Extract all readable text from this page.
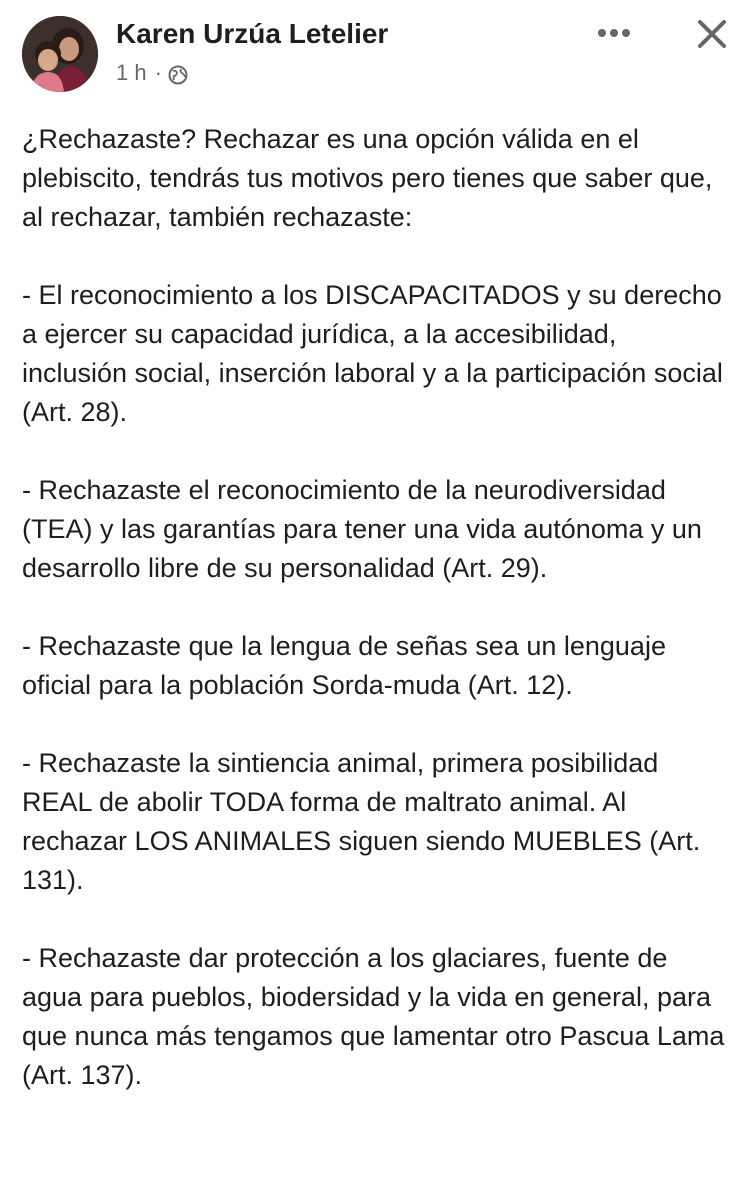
Karen Urzúa Letelier
1 h ·

¿Rechazaste? Rechazar es una opción válida en el plebiscito, tendrás tus motivos pero tienes que saber que, al rechazar, también rechazaste:

- El reconocimiento a los DISCAPACITADOS y su derecho a ejercer su capacidad jurídica, a la accesibilidad, inclusión social, inserción laboral y a la participación social (Art. 28).

- Rechazaste el reconocimiento de la neurodiversidad (TEA) y las garantías para tener una vida autónoma y un desarrollo libre de su personalidad (Art. 29).

- Rechazaste que la lengua de señas sea un lenguaje oficial para la población Sorda-muda (Art. 12).

- Rechazaste la sintiencia animal, primera posibilidad REAL de abolir TODA forma de maltrato animal. Al rechazar LOS ANIMALES siguen siendo MUEBLES (Art. 131).

- Rechazaste dar protección a los glaciares, fuente de agua para pueblos, biodersidad y la vida en general, para que nunca más tengamos que lamentar otro Pascua Lama (Art. 137).
